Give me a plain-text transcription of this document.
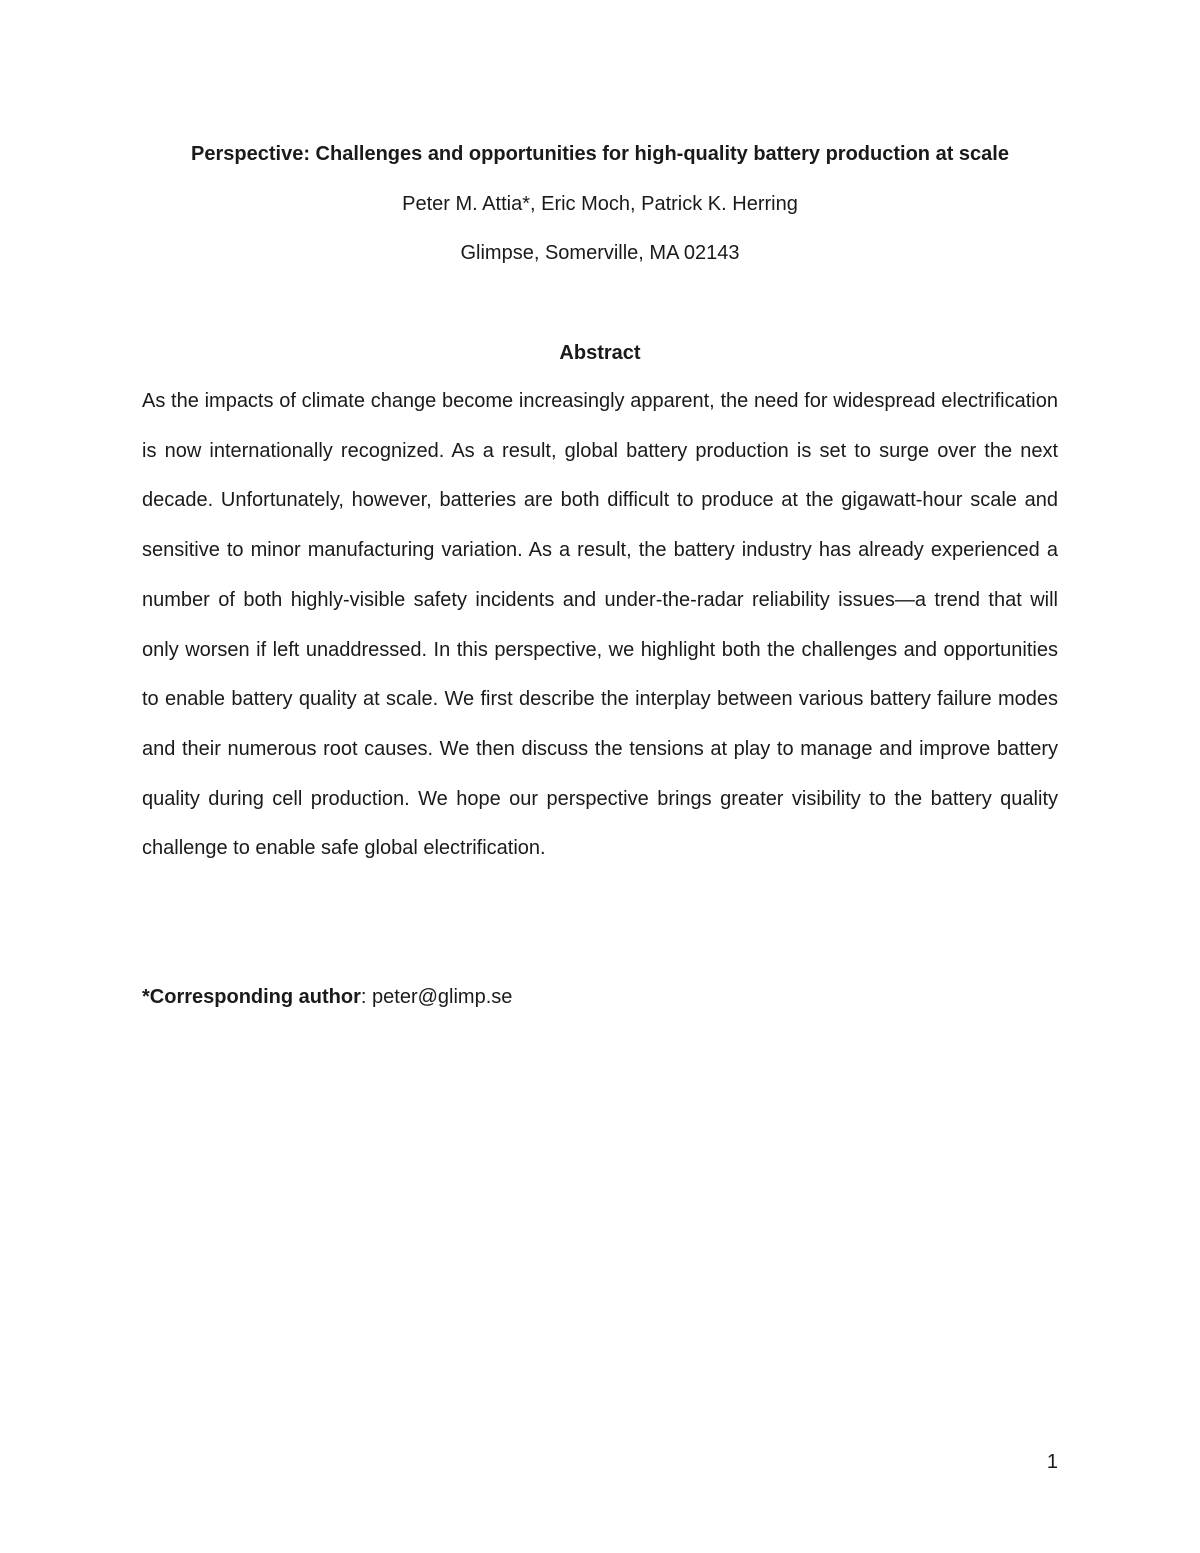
Perspective: Challenges and opportunities for high-quality battery production at scale
Peter M. Attia*, Eric Moch, Patrick K. Herring
Glimpse, Somerville, MA 02143
Abstract

As the impacts of climate change become increasingly apparent, the need for widespread electrification is now internationally recognized. As a result, global battery production is set to surge over the next decade. Unfortunately, however, batteries are both difficult to produce at the gigawatt-hour scale and sensitive to minor manufacturing variation. As a result, the battery industry has already experienced a number of both highly-visible safety incidents and under-the-radar reliability issues—a trend that will only worsen if left unaddressed. In this perspective, we highlight both the challenges and opportunities to enable battery quality at scale. We first describe the interplay between various battery failure modes and their numerous root causes. We then discuss the tensions at play to manage and improve battery quality during cell production. We hope our perspective brings greater visibility to the battery quality challenge to enable safe global electrification.

*Corresponding author: peter@glimp.se
1
